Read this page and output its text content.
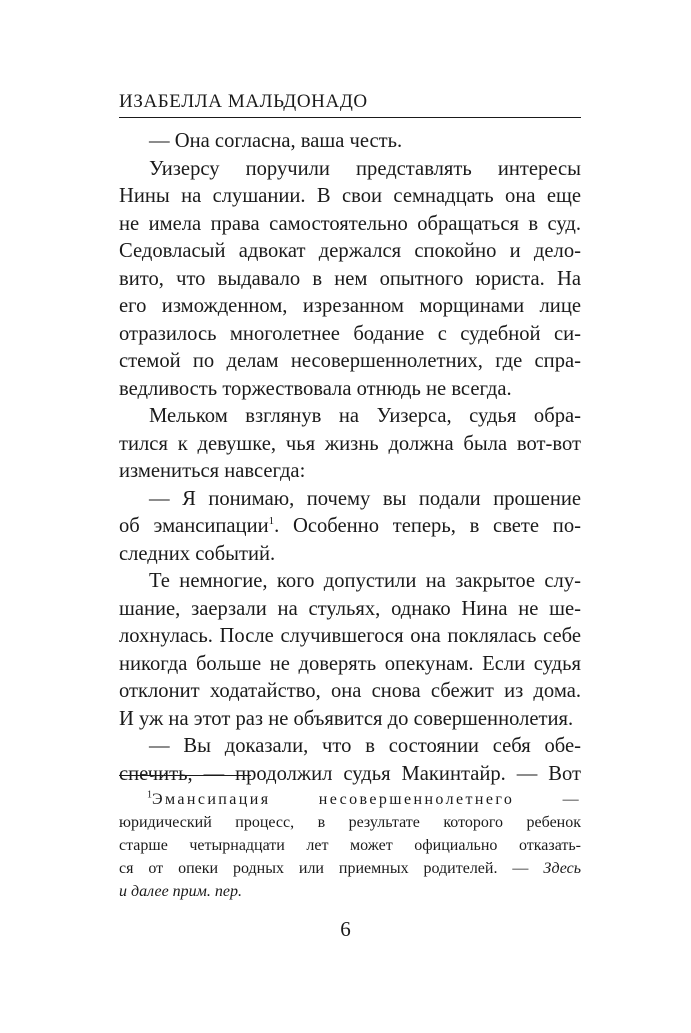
ИЗАБЕЛЛА МАЛЬДОНАДО
— Она согласна, ваша честь.
Уизерсу поручили представлять интересы
Нины на слушании. В свои семнадцать она еще
не имела права самостоятельно обращаться в суд.
Седовласый адвокат держался спокойно и дело-
вито, что выдавало в нем опытного юриста. На
его изможденном, изрезанном морщинами лице
отразилось многолетнее бодание с судебной си-
стемой по делам несовершеннолетних, где спра-
ведливость торжествовала отнюдь не всегда.
Мельком взглянув на Уизерса, судья обра-
тился к девушке, чья жизнь должна была вот-вот
измениться навсегда:
— Я понимаю, почему вы подали прошение
об эмансипации$^1$. Особенно теперь, в свете по-
следних событий.
Те немногие, кого допустили на закрытое слу-
шание, заерзали на стульях, однако Нина не ше-
лохнулась. После случившегося она поклялась себе
никогда больше не доверять опекунам. Если судья
отклонит ходатайство, она снова сбежит из дома.
И уж на этот раз не объявится до совершеннолетия.
— Вы доказали, что в состоянии себя обе-
спечить, — продолжил судья Макинтайр. — Вот
$^1$Эмансипация несовершеннолетнего —
юридический процесс, в результате которого ребенок
старше четырнадцати лет может официально отказать-
ся от опеки родных или приемных родителей. — Здесь
и далее прим. пер.
6
